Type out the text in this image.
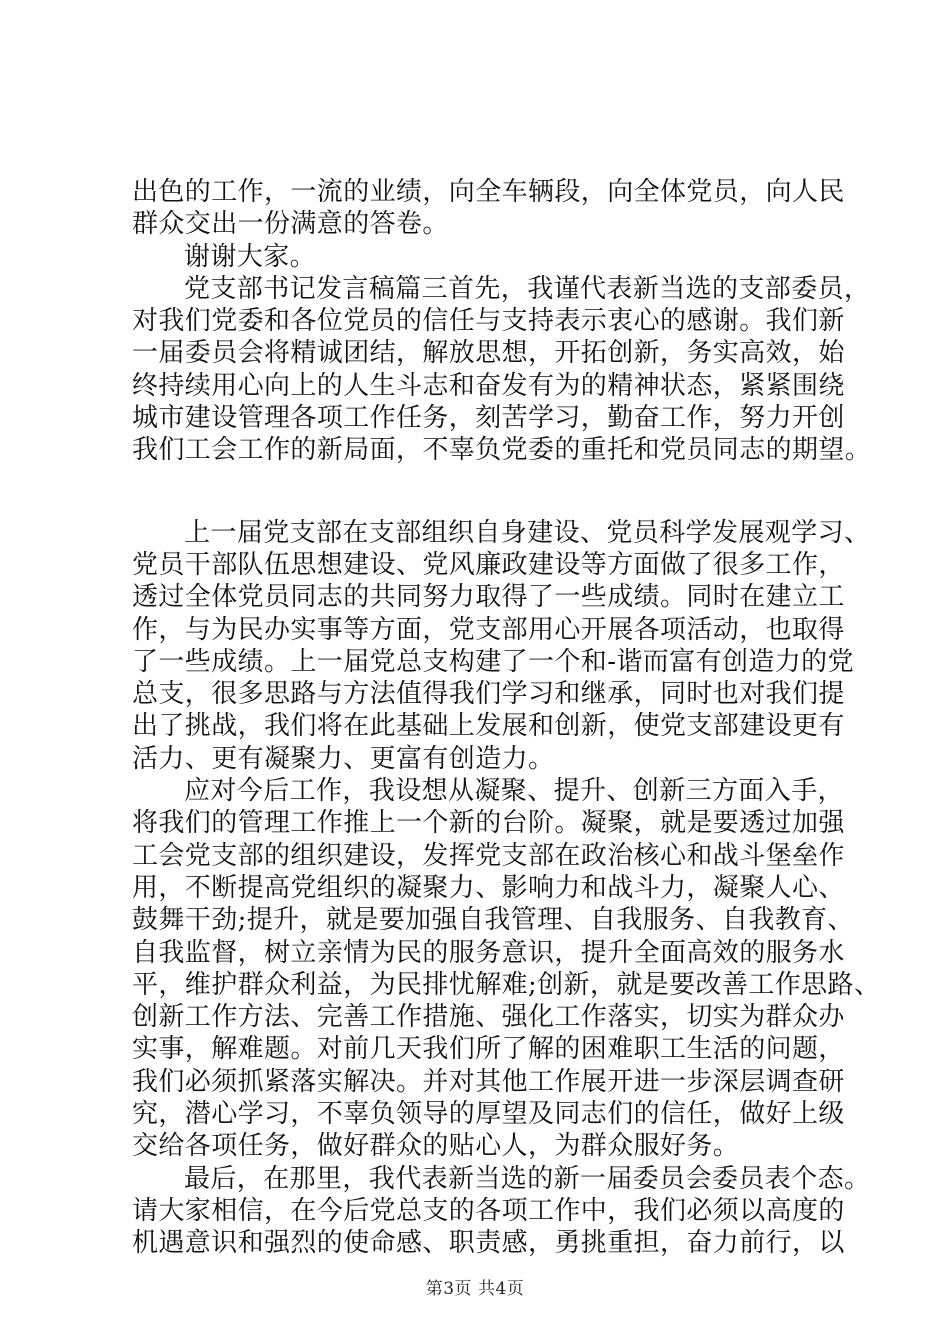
出色的工作，一流的业绩，向全车辆段，向全体党员，向人民
群众交出一份满意的答卷。
谢谢大家。
党支部书记发言稿篇三首先，我谨代表新当选的支部委员，
对我们党委和各位党员的信任与支持表示衷心的感谢。我们新
一届委员会将精诚团结，解放思想，开拓创新，务实高效，始
终持续用心向上的人生斗志和奋发有为的精神状态，紧紧围绕
城市建设管理各项工作任务，刻苦学习，勤奋工作，努力开创
我们工会工作的新局面，不辜负党委的重托和党员同志的期望。
上一届党支部在支部组织自身建设、党员科学发展观学习、
党员干部队伍思想建设、党风廉政建设等方面做了很多工作，
透过全体党员同志的共同努力取得了一些成绩。同时在建立工
作，与为民办实事等方面，党支部用心开展各项活动，也取得
了一些成绩。上一届党总支构建了一个和-谐而富有创造力的党
总支，很多思路与方法值得我们学习和继承，同时也对我们提
出了挑战，我们将在此基础上发展和创新，使党支部建设更有
活力、更有凝聚力、更富有创造力。
应对今后工作，我设想从凝聚、提升、创新三方面入手，
将我们的管理工作推上一个新的台阶。凝聚，就是要透过加强
工会党支部的组织建设，发挥党支部在政治核心和战斗堡垒作
用，不断提高党组织的凝聚力、影响力和战斗力，凝聚人心、
鼓舞干劲;提升，就是要加强自我管理、自我服务、自我教育、
自我监督，树立亲情为民的服务意识，提升全面高效的服务水
平，维护群众利益，为民排忧解难;创新，就是要改善工作思路、
创新工作方法、完善工作措施、强化工作落实，切实为群众办
实事，解难题。对前几天我们所了解的困难职工生活的问题，
我们必须抓紧落实解决。并对其他工作展开进一步深层调查研
究，潜心学习，不辜负领导的厚望及同志们的信任，做好上级
交给各项任务，做好群众的贴心人，为群众服好务。
最后，在那里，我代表新当选的新一届委员会委员表个态。
请大家相信，在今后党总支的各项工作中，我们必须以高度的
机遇意识和强烈的使命感、职责感，勇挑重担，奋力前行，以
第3页 共4页
